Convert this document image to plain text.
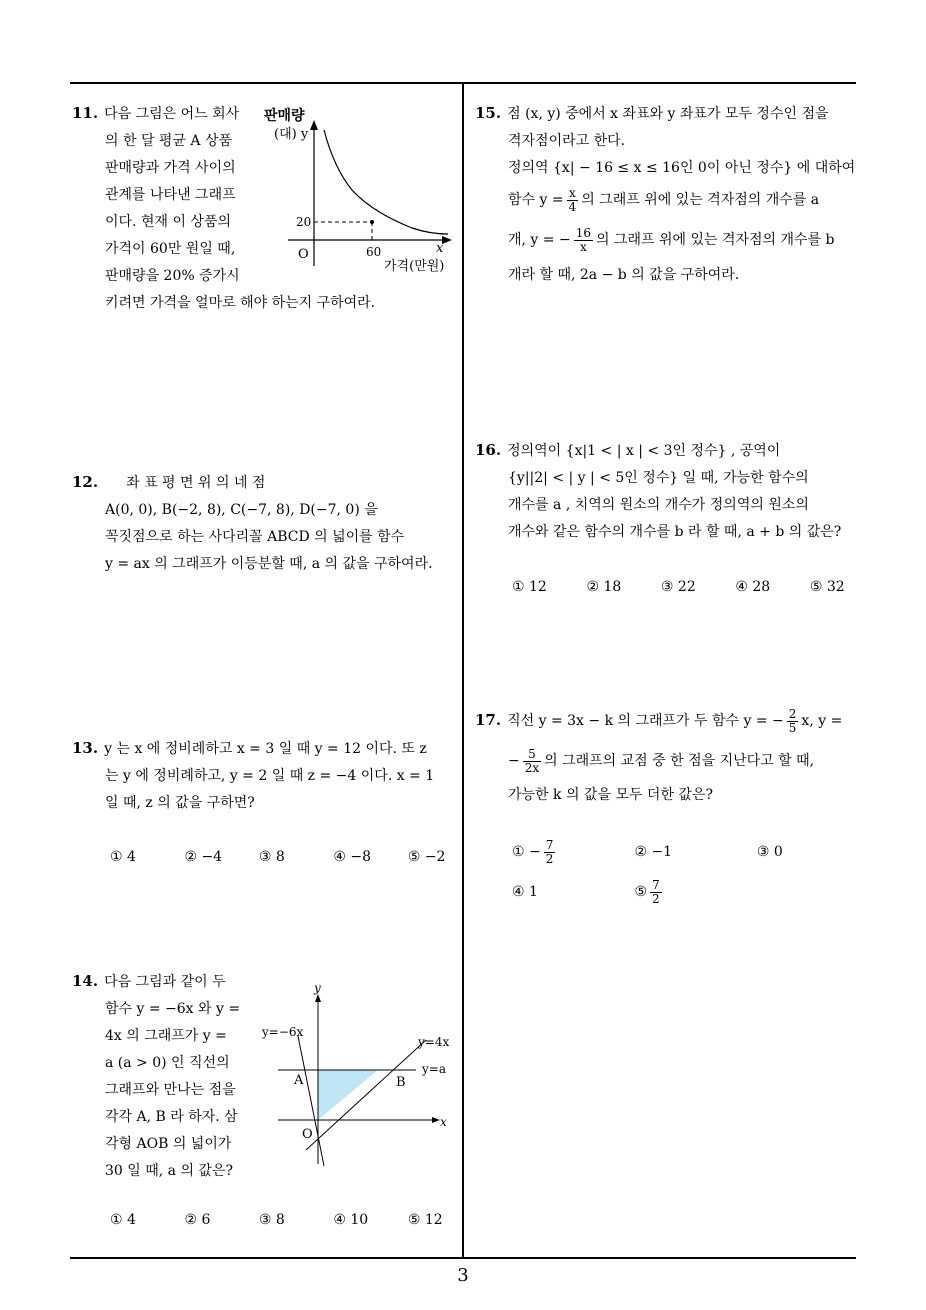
11. 다음 그림은 어느 회사
의 한 달 평균 A 상품
판매량과 가격 사이의
관계를 나타낸 그래프
이다. 현재 이 상품의
가격이 60만 원일 때,
판매량을 20% 증가시
키려면 가격을 얼마로 해야 하는지 구하여라.
판매량
(대) y
20
O	60	x
가격(만원)
12. 좌 표 평 면 위 의 네 점
A(0, 0), B(−2, 8), C(−7, 8), D(−7, 0) 을
꼭짓점으로 하는 사다리꼴 ABCD 의 넓이를 함수
y = ax 의 그래프가 이등분할 때, a 의 값을 구하여라.
13. y 는 x 에 정비례하고 x = 3 일 때 y = 12 이다. 또 z
는 y 에 정비례하고, y = 2 일 때 z = −4 이다. x = 1
일 때, z 의 값을 구하면?
① 4	② −4	③ 8	④ −8	⑤ −2
14. 다음 그림과 같이 두
함수 y = −6x 와 y =
4x 의 그래프가 y =
a (a > 0) 인 직선의
그래프와 만나는 점을
각각 A, B 라 하자. 삼
각형 AOB 의 넓이가
30 일 때, a 의 값은?
y
x
y=−6x
y=4x
y=a
A	B
O
① 4	② 6	③ 8	④ 10	⑤ 12
15. 점 (x, y) 중에서 x 좌표와 y 좌표가 모두 정수인 점을
격자점이라고 한다.
정의역 {x| − 16 ≤ x ≤ 16인 0이 아닌 정수} 에 대하여
함수 $y = \frac{x}{4}$ 의 그래프 위에 있는 격자점의 개수를 a
개, y = − $\frac{16}{x}$ 의 그래프 위에 있는 격자점의 개수를 b
개라 할 때, 2a − b 의 값을 구하여라.
16. 정의역이 {x|1 < | x | < 3인 정수} , 공역이
{y||2| < | y | < 5인 정수} 일 때, 가능한 함수의
개수를 a , 치역의 원소의 개수가 정의역의 원소의
개수와 같은 함수의 개수를 b 라 할 때, a + b 의 값은?
① 12	② 18	③ 22	④ 28	⑤ 32
17. 직선 y = 3x − k 의 그래프가 두 함수 y = − $\frac{2}{5} x$, y =
− $\frac{5}{2x}$ 의 그래프의 교점 중 한 점을 지난다고 할 때,
가능한 k 의 값을 모두 더한 값은?
① − $\frac{7}{2}$	② −1	③ 0
④ 1	⑤ $\frac{7}{2}$
3
